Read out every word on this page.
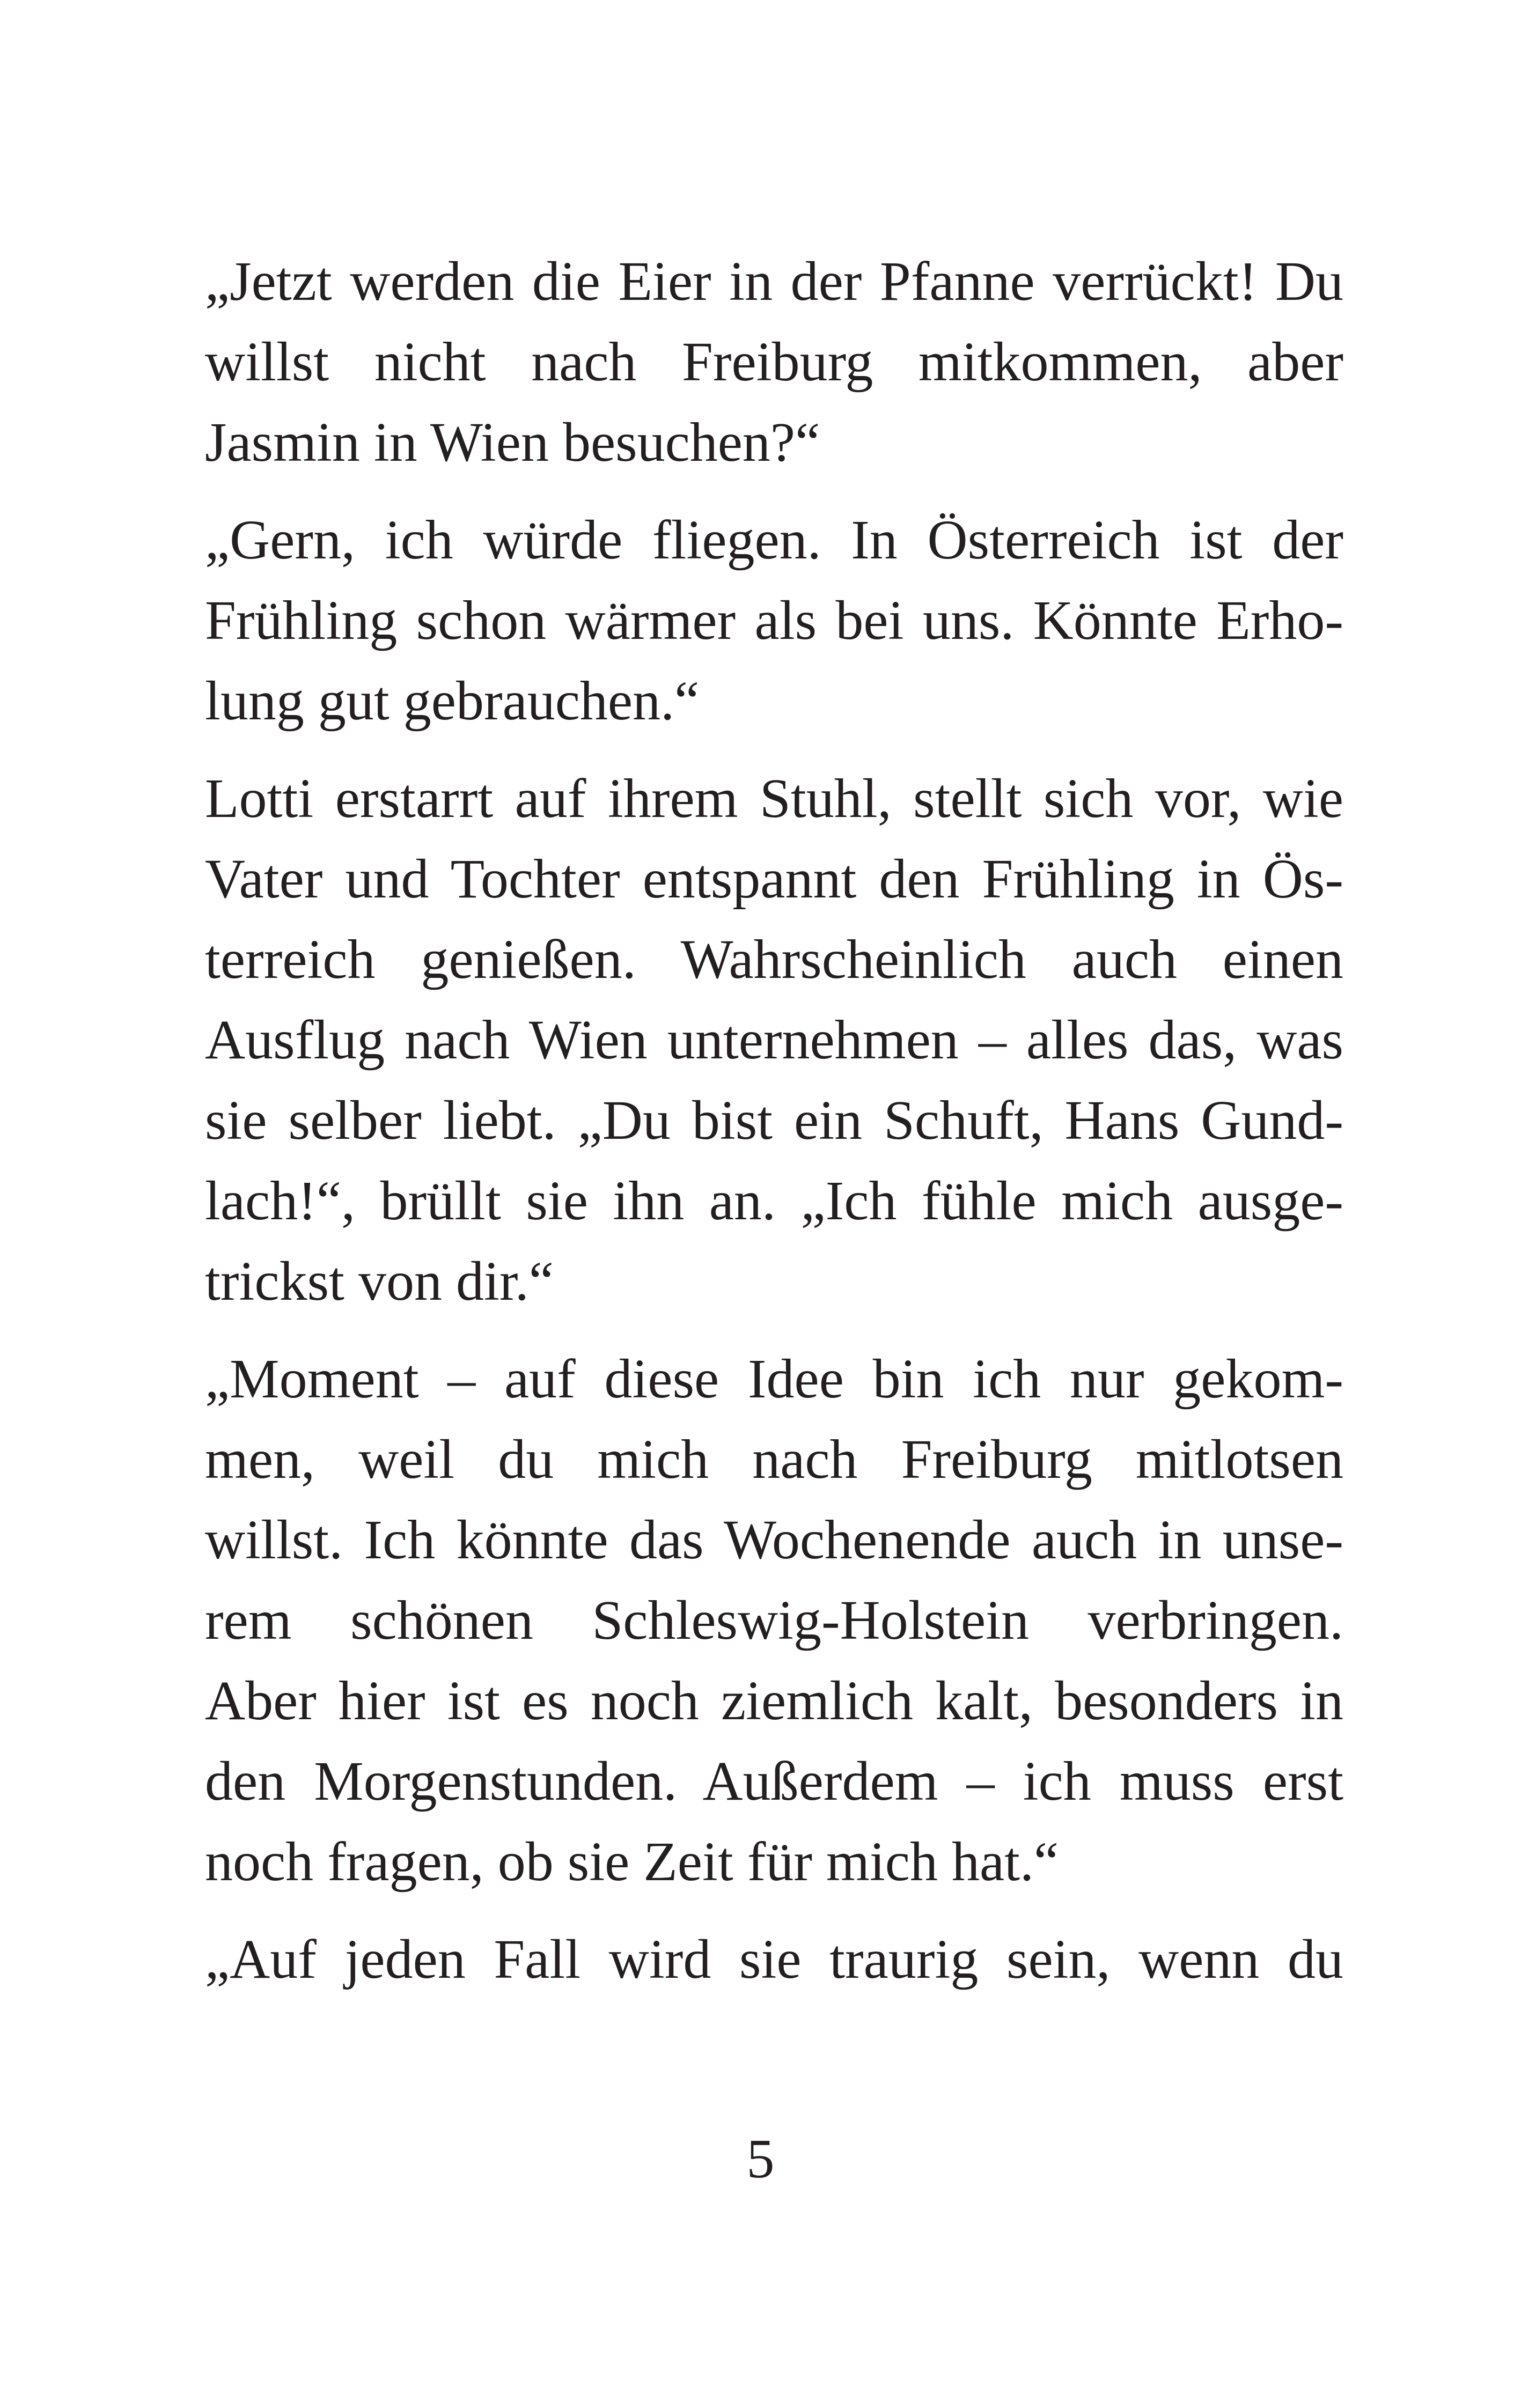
„Jetzt werden die Eier in der Pfanne verrückt! Du
willst nicht nach Freiburg mitkommen, aber
Jasmin in Wien besuchen?“
„Gern, ich würde fliegen. In Österreich ist der
Frühling schon wärmer als bei uns. Könnte Erho-
lung gut gebrauchen.“
Lotti erstarrt auf ihrem Stuhl, stellt sich vor, wie
Vater und Tochter entspannt den Frühling in Ös-
terreich genießen. Wahrscheinlich auch einen
Ausflug nach Wien unternehmen – alles das, was
sie selber liebt. „Du bist ein Schuft, Hans Gund-
lach!“, brüllt sie ihn an. „Ich fühle mich ausge-
trickst von dir.“
„Moment – auf diese Idee bin ich nur gekom-
men, weil du mich nach Freiburg mitlotsen
willst. Ich könnte das Wochenende auch in unse-
rem schönen Schleswig-Holstein verbringen.
Aber hier ist es noch ziemlich kalt, besonders in
den Morgenstunden. Außerdem – ich muss erst
noch fragen, ob sie Zeit für mich hat.“
„Auf jeden Fall wird sie traurig sein, wenn du
5
